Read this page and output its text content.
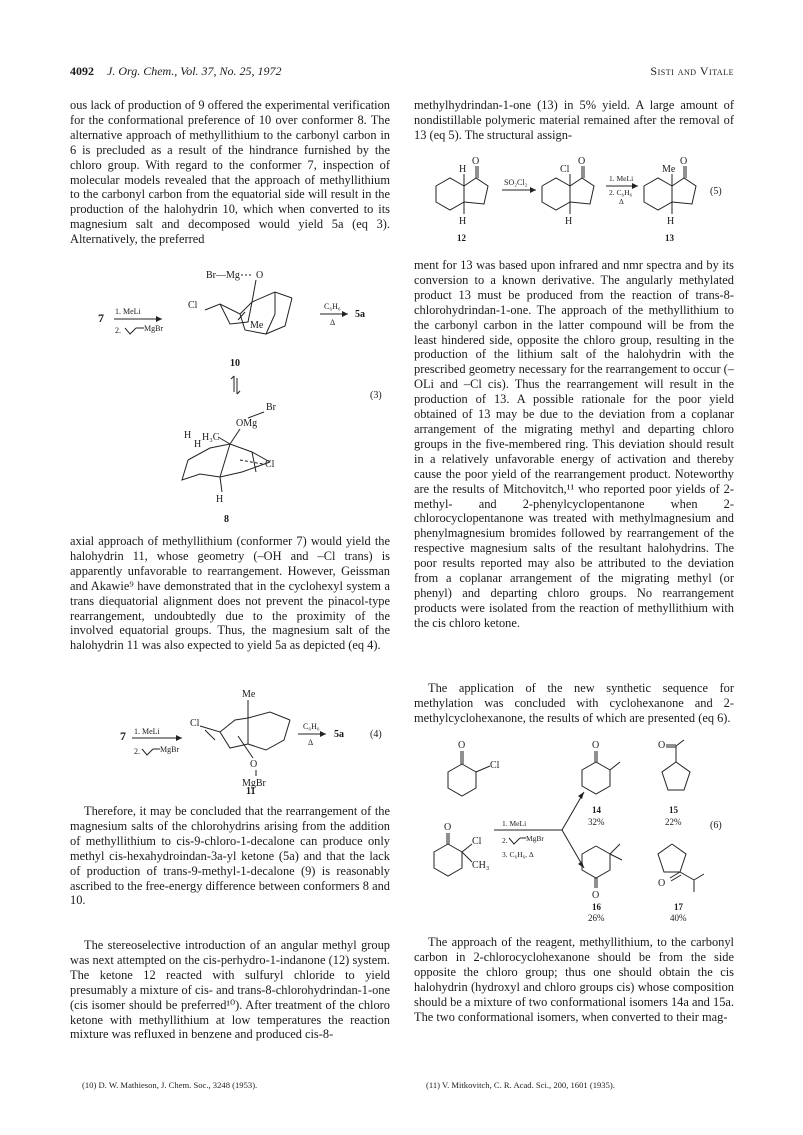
4092 J. Org. Chem., Vol. 37, No. 25, 1972	Sisti and Vitale
ous lack of production of 9 offered the experimental verification for the conformational preference of 10 over conformer 8. The alternative approach of methyllithium to the carbonyl carbon in 6 is precluded as a result of the hindrance furnished by the chloro group. With regard to the conformer 7, inspection of molecular models revealed that the approach of methyllithium to the carbonyl carbon from the equatorial side will result in the production of the halohydrin 10, which when converted to its magnesium salt and decomposed would yield 5a (eq 3). Alternatively, the preferred
7 1. MeLi
2.	MgBr
Br—Mg O
Cl
Me
10
C₆H₆
Δ
5a
(3)
Br
OMg
H₃C
H
H
Cl
H
8
axial approach of methyllithium (conformer 7) would yield the halohydrin 11, whose geometry (–OH and –Cl trans) is apparently unfavorable to rearrangement. However, Geissman and Akawie⁹ have demonstrated that in the cyclohexyl system a trans diequatorial alignment does not prevent the pinacol-type rearrangement, undoubtedly due to the proximity of the involved equatorial groups. Thus, the magnesium salt of the halohydrin 11 was also expected to yield 5a as depicted (eq 4).
7 1. MeLi
2.	MgBr
Me
Cl
O
MgBr
11
C₆H₆
Δ
5a	(4)
Therefore, it may be concluded that the rearrangement of the magnesium salts of the chlorohydrins arising from the addition of methyllithium to cis-9-chloro-1-decalone can produce only methyl cis-hexahydroindan-3a-yl ketone (5a) and that the lack of production of trans-9-methyl-1-decalone (9) is reasonably ascribed to the free-energy difference between conformers 8 and 10.
The stereoselective introduction of an angular methyl group was next attempted on the cis-perhydro-1-indanone (12) system. The ketone 12 reacted with sulfuryl chloride to yield presumably a mixture of cis- and trans-8-chlorohydrindan-1-one (cis isomer should be preferred¹⁰). After treatment of the chloro ketone with methyllithium at low temperatures the reaction mixture was refluxed in benzene and produced cis-8-
(10) D. W. Mathieson, J. Chem. Soc., 3248 (1953).
methylhydrindan-1-one (13) in 5% yield. A large amount of nondistillable polymeric material remained after the removal of 13 (eq 5). The structural assign-
H
O
H
12
SO₂Cl₂
Cl
O
H
1. MeLi
2. C₆H₆
Δ
Me
O
H
13
(5)
ment for 13 was based upon infrared and nmr spectra and by its conversion to a known derivative. The angularly methylated product 13 must be produced from the reaction of trans-8-chlorohydrindan-1-one. The approach of the methyllithium to the carbonyl carbon in the latter compound will be from the least hindered side, opposite the chloro group, resulting in the production of the lithium salt of the halohydrin with the prescribed geometry necessary for the rearrangement to occur (–OLi and –Cl cis). Thus the rearrangement will result in the production of 13. A possible rationale for the poor yield obtained of 13 may be due to the deviation from a coplanar arrangement of the migrating methyl and departing chloro groups in the five-membered ring. This deviation should result in a relatively unfavorable energy of activation and thereby cause the poor yield of the rearrangement product. Noteworthy are the results of Mitchovitch,¹¹ who reported poor yields of 2-methyl- and 2-phenylcyclopentanone when 2-chlorocyclopentanone was treated with methylmagnesium and phenylmagnesium bromides followed by rearrangement of the respective magnesium salts of the resultant halohydrins. The poor results reported may also be attributed to the deviation from a coplanar arrangement of the migrating methyl (or phenyl) and departing chloro groups. No rearrangement products were isolated from the reaction of methyllithium with the cis chloro ketone.
The application of the new synthetic sequence for methylation was concluded with cyclohexanone and 2-methylcyclohexanone, the results of which are presented (eq 6).
O
Cl
O
Cl
CH₃
1. MeLi
2. MgBr
3. C₆H₆, Δ
O
14
32%
O
15
22%	(6)
O
16
26%
O
17
40%
The approach of the reagent, methyllithium, to the carbonyl carbon in 2-chlorocyclohexanone should be from the side opposite the chloro group; thus one should obtain the cis halohydrin (hydroxyl and chloro groups cis) whose composition should be a mixture of two conformational isomers 14a and 15a. The two conformational isomers, when converted to their mag-
(11) V. Mitkovitch, C. R. Acad. Sci., 200, 1601 (1935).
